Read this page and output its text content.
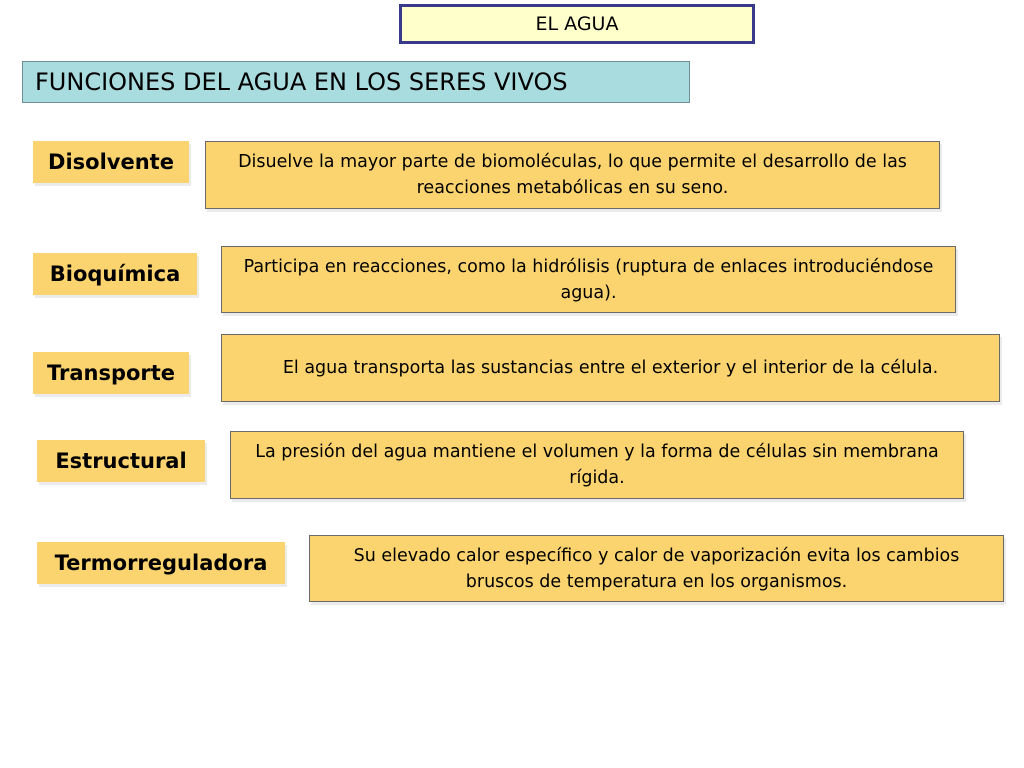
EL AGUA
FUNCIONES DEL AGUA EN LOS SERES VIVOS
Disolvente	Disuelve la mayor parte de biomoléculas, lo que permite el desarrollo de las reacciones metabólicas en su seno.
Bioquímica	Participa en reacciones, como la hidrólisis (ruptura de enlaces introduciéndose agua).
Transporte	El agua transporta las sustancias entre el exterior y el interior de la célula.
Estructural	La presión del agua mantiene el volumen y la forma de células sin membrana rígida.
Termorreguladora	Su elevado calor específico y calor de vaporización evita los cambios bruscos de temperatura en los organismos.
